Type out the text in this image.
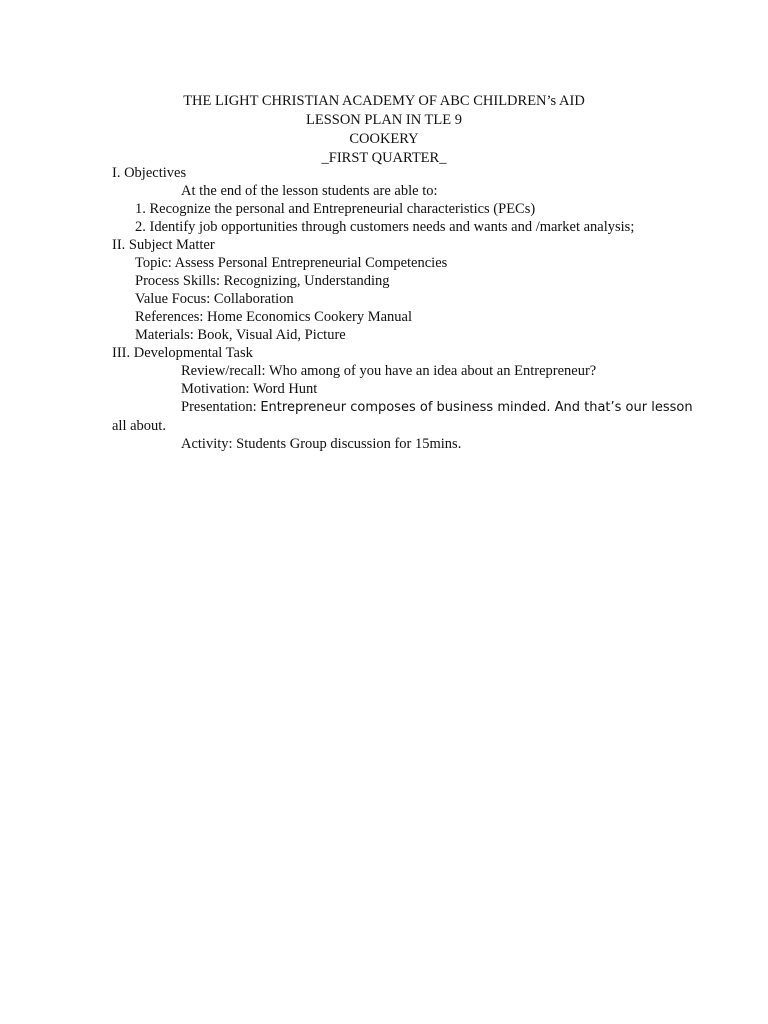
THE LIGHT CHRISTIAN ACADEMY OF ABC CHILDREN’s AID
LESSON PLAN IN TLE 9
COOKERY
_FIRST QUARTER_
I. Objectives
At the end of the lesson students are able to:
1. Recognize the personal and Entrepreneurial characteristics (PECs)
2. Identify job opportunities through customers needs and wants and /market analysis;
II. Subject Matter
Topic: Assess Personal Entrepreneurial Competencies
Process Skills: Recognizing, Understanding
Value Focus: Collaboration
References: Home Economics Cookery Manual
Materials: Book, Visual Aid, Picture
III. Developmental Task
Review/recall: Who among of you have an idea about an Entrepreneur?
Motivation: Word Hunt
Presentation: Entrepreneur composes of business minded. And that’s our lesson
all about.
Activity: Students Group discussion for 15mins.
